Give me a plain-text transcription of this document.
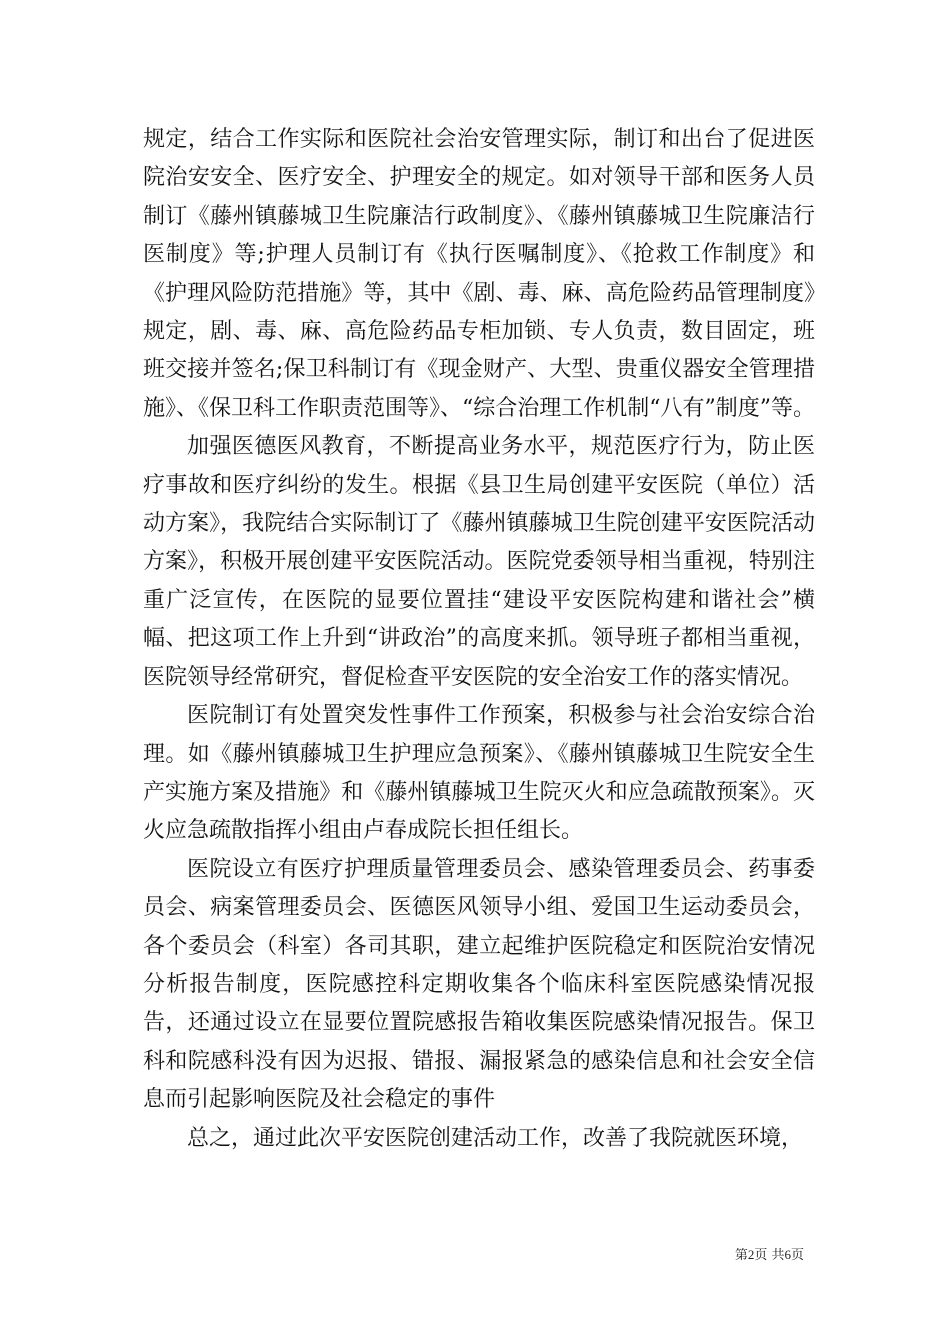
规定，结合工作实际和医院社会治安管理实际，制订和出台了促进医院治安安全、医疗安全、护理安全的规定。如对领导干部和医务人员制订《藤州镇藤城卫生院廉洁行政制度》、《藤州镇藤城卫生院廉洁行医制度》等;护理人员制订有《执行医嘱制度》、《抢救工作制度》和《护理风险防范措施》等，其中《剧、毒、麻、高危险药品管理制度》规定，剧、毒、麻、高危险药品专柜加锁、专人负责，数目固定，班班交接并签名;保卫科制订有《现金财产、大型、贵重仪器安全管理措施》、《保卫科工作职责范围等》、“综合治理工作机制“八有”制度”等。

加强医德医风教育，不断提高业务水平，规范医疗行为，防止医疗事故和医疗纠纷的发生。根据《县卫生局创建平安医院（单位）活动方案》，我院结合实际制订了《藤州镇藤城卫生院创建平安医院活动方案》，积极开展创建平安医院活动。医院党委领导相当重视，特别注重广泛宣传，在医院的显要位置挂“建设平安医院构建和谐社会”横幅、把这项工作上升到“讲政治”的高度来抓。领导班子都相当重视，医院领导经常研究，督促检查平安医院的安全治安工作的落实情况。

医院制订有处置突发性事件工作预案，积极参与社会治安综合治理。如《藤州镇藤城卫生护理应急预案》、《藤州镇藤城卫生院安全生产实施方案及措施》和《藤州镇藤城卫生院灭火和应急疏散预案》。灭火应急疏散指挥小组由卢春成院长担任组长。

医院设立有医疗护理质量管理委员会、感染管理委员会、药事委员会、病案管理委员会、医德医风领导小组、爱国卫生运动委员会，各个委员会（科室）各司其职，建立起维护医院稳定和医院治安情况分析报告制度，医院感控科定期收集各个临床科室医院感染情况报告，还通过设立在显要位置院感报告箱收集医院感染情况报告。保卫科和院感科没有因为迟报、错报、漏报紧急的感染信息和社会安全信息而引起影响医院及社会稳定的事件

总之，通过此次平安医院创建活动工作，改善了我院就医环境，

第2页 共6页
